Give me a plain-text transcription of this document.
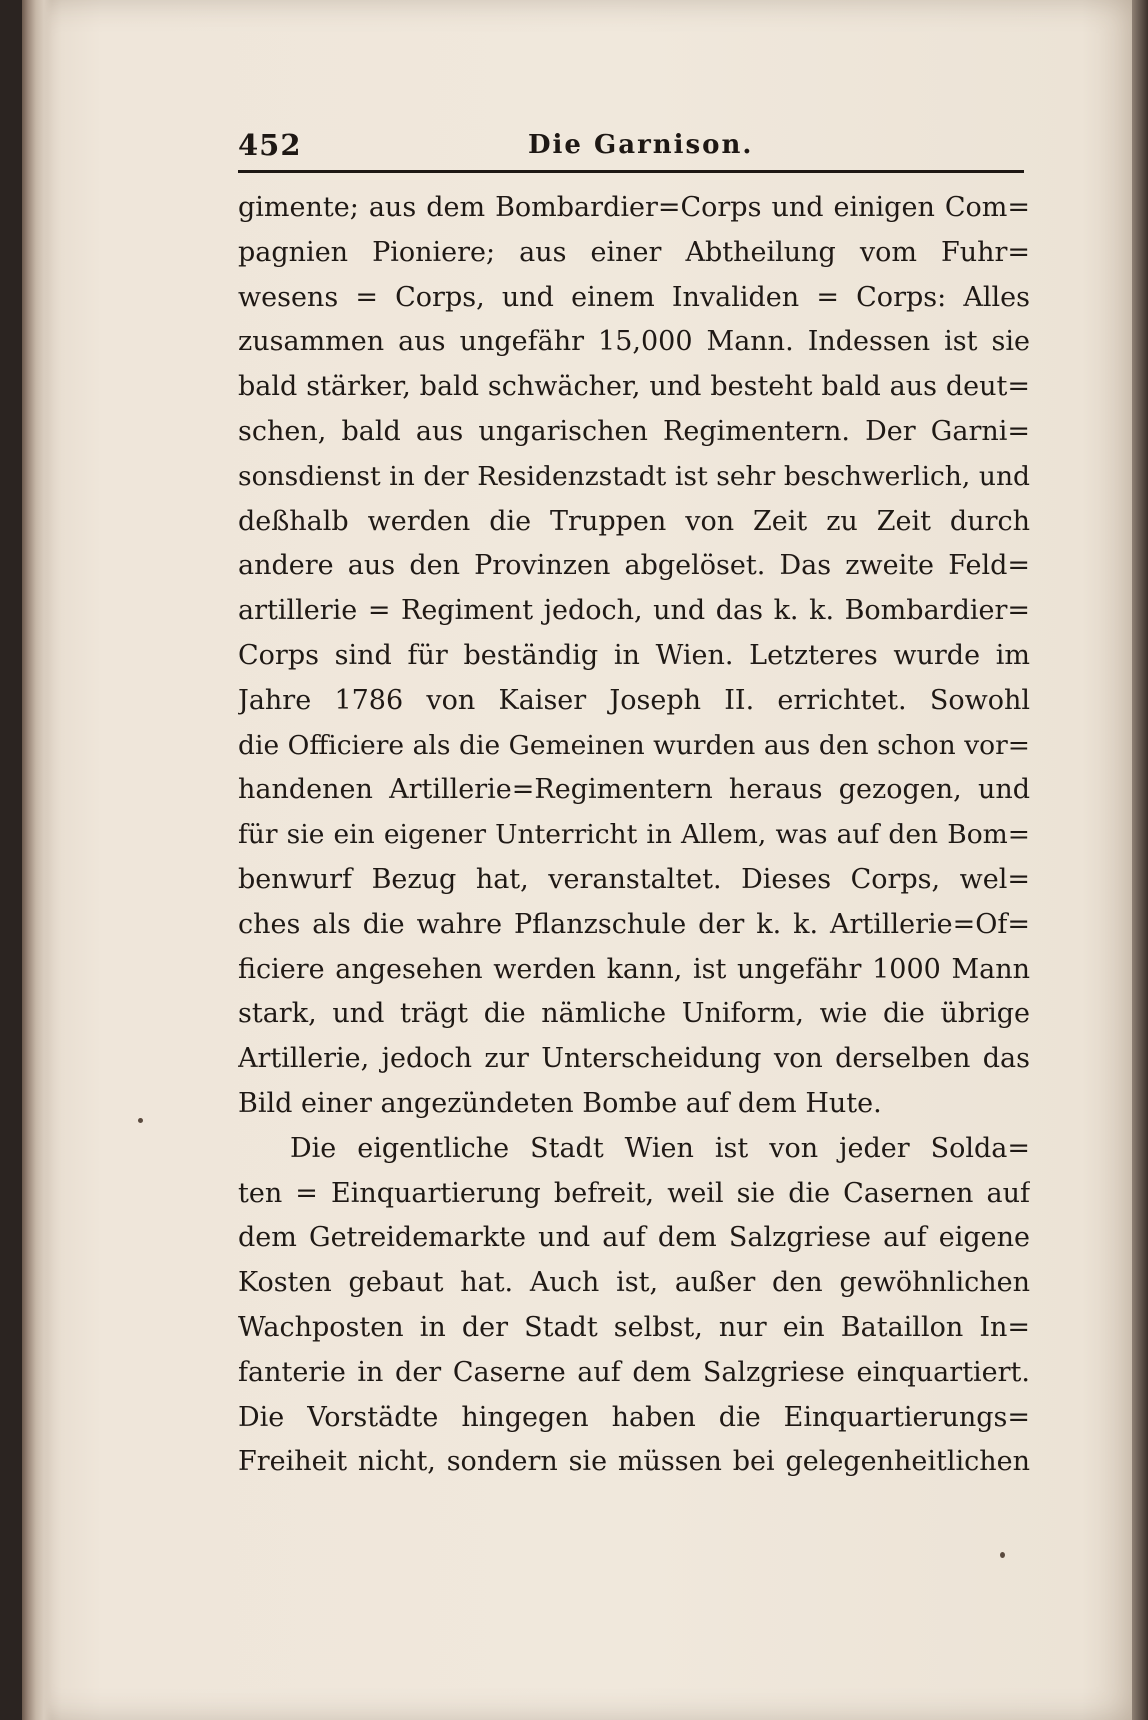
452	Die Garnison.
gimente; aus dem Bombardier=Corps und einigen Com=
pagnien Pioniere; aus einer Abtheilung vom Fuhr=
wesens = Corps, und einem Invaliden = Corps: Alles
zusammen aus ungefähr 15,000 Mann. Indessen ist sie
bald stärker, bald schwächer, und besteht bald aus deut=
schen, bald aus ungarischen Regimentern. Der Garni=
sonsdienst in der Residenzstadt ist sehr beschwerlich, und
deßhalb werden die Truppen von Zeit zu Zeit durch
andere aus den Provinzen abgelöset. Das zweite Feld=
artillerie = Regiment jedoch, und das k. k. Bombardier=
Corps sind für beständig in Wien. Letzteres wurde im
Jahre 1786 von Kaiser Joseph II. errichtet. Sowohl
die Officiere als die Gemeinen wurden aus den schon vor=
handenen Artillerie=Regimentern heraus gezogen, und
für sie ein eigener Unterricht in Allem, was auf den Bom=
benwurf Bezug hat, veranstaltet. Dieses Corps, wel=
ches als die wahre Pflanzschule der k. k. Artillerie=Of=
ficiere angesehen werden kann, ist ungefähr 1000 Mann
stark, und trägt die nämliche Uniform, wie die übrige
Artillerie, jedoch zur Unterscheidung von derselben das
Bild einer angezündeten Bombe auf dem Hute.
Die eigentliche Stadt Wien ist von jeder Solda=
ten = Einquartierung befreit, weil sie die Casernen auf
dem Getreidemarkte und auf dem Salzgriese auf eigene
Kosten gebaut hat. Auch ist, außer den gewöhnlichen
Wachposten in der Stadt selbst, nur ein Bataillon In=
fanterie in der Caserne auf dem Salzgriese einquartiert.
Die Vorstädte hingegen haben die Einquartierungs=
Freiheit nicht, sondern sie müssen bei gelegenheitlichen
